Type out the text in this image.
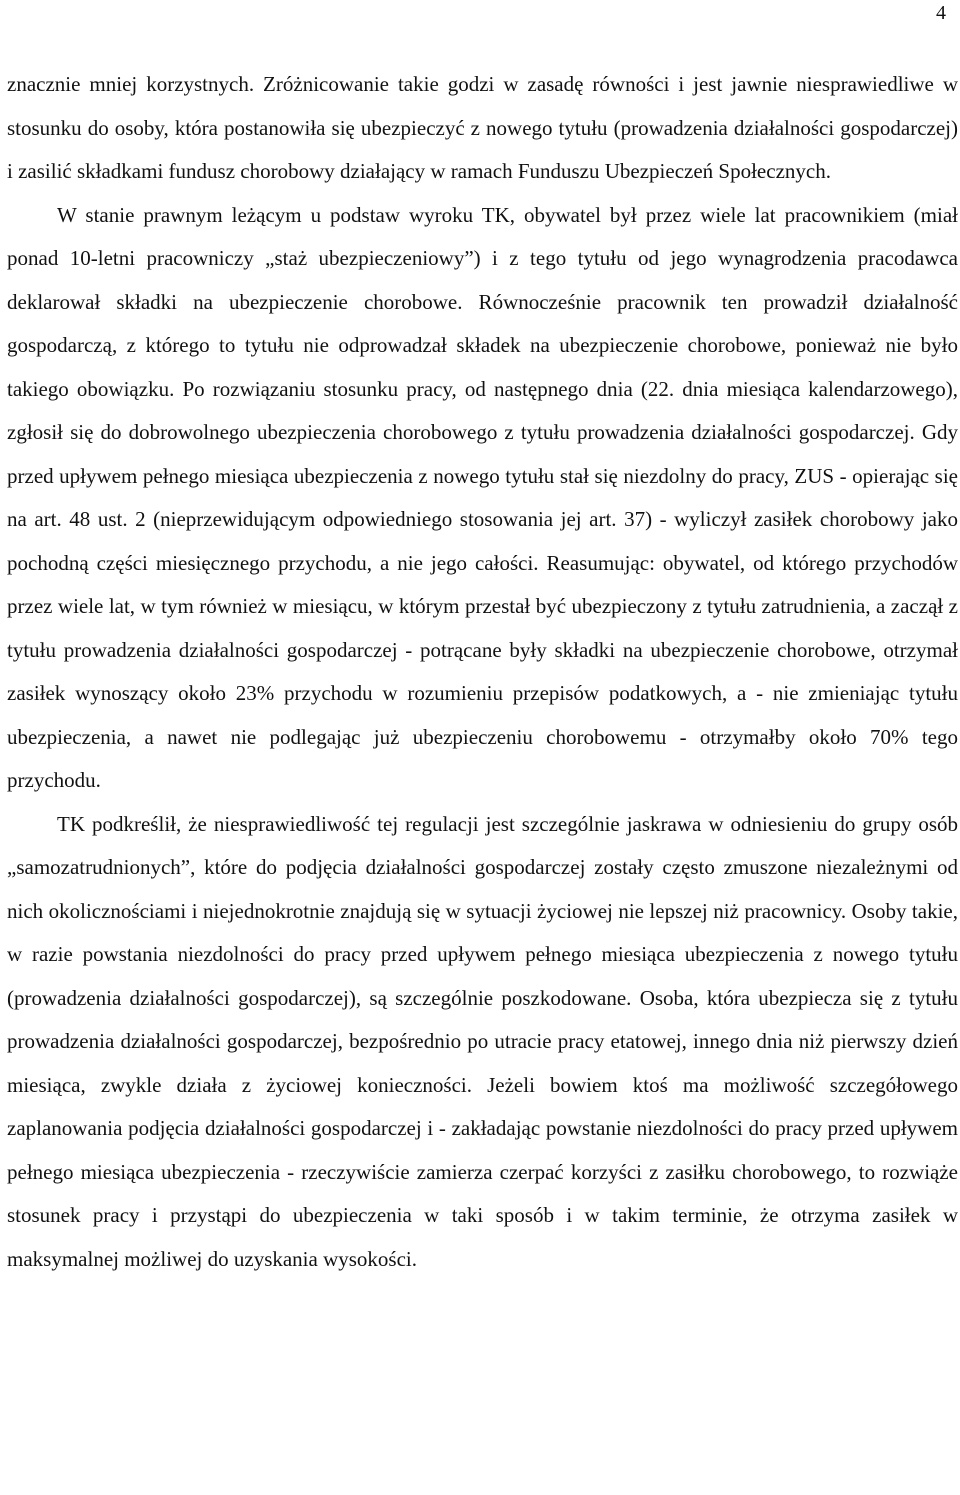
4

znacznie mniej korzystnych. Zróżnicowanie takie godzi w zasadę równości i jest jawnie niesprawiedliwe w stosunku do osoby, która postanowiła się ubezpieczyć z nowego tytułu (prowadzenia działalności gospodarczej) i zasilić składkami fundusz chorobowy działający w ramach Funduszu Ubezpieczeń Społecznych.

W stanie prawnym leżącym u podstaw wyroku TK, obywatel był przez wiele lat pracownikiem (miał ponad 10-letni pracowniczy „staż ubezpieczeniowy”) i z tego tytułu od jego wynagrodzenia pracodawca deklarował składki na ubezpieczenie chorobowe. Równocześnie pracownik ten prowadził działalność gospodarczą, z którego to tytułu nie odprowadzał składek na ubezpieczenie chorobowe, ponieważ nie było takiego obowiązku. Po rozwiązaniu stosunku pracy, od następnego dnia (22. dnia miesiąca kalendarzowego), zgłosił się do dobrowolnego ubezpieczenia chorobowego z tytułu prowadzenia działalności gospodarczej. Gdy przed upływem pełnego miesiąca ubezpieczenia z nowego tytułu stał się niezdolny do pracy, ZUS - opierając się na art. 48 ust. 2 (nieprzewidującym odpowiedniego stosowania jej art. 37) - wyliczył zasiłek chorobowy jako pochodną części miesięcznego przychodu, a nie jego całości. Reasumując: obywatel, od którego przychodów przez wiele lat, w tym również w miesiącu, w którym przestał być ubezpieczony z tytułu zatrudnienia, a zaczął z tytułu prowadzenia działalności gospodarczej - potrącane były składki na ubezpieczenie chorobowe, otrzymał zasiłek wynoszący około 23% przychodu w rozumieniu przepisów podatkowych, a - nie zmieniając tytułu ubezpieczenia, a nawet nie podlegając już ubezpieczeniu chorobowemu - otrzymałby około 70% tego przychodu.

TK podkreślił, że niesprawiedliwość tej regulacji jest szczególnie jaskrawa w odniesieniu do grupy osób „samozatrudnionych”, które do podjęcia działalności gospodarczej zostały często zmuszone niezależnymi od nich okolicznościami i niejednokrotnie znajdują się w sytuacji życiowej nie lepszej niż pracownicy. Osoby takie, w razie powstania niezdolności do pracy przed upływem pełnego miesiąca ubezpieczenia z nowego tytułu (prowadzenia działalności gospodarczej), są szczególnie poszkodowane. Osoba, która ubezpiecza się z tytułu prowadzenia działalności gospodarczej, bezpośrednio po utracie pracy etatowej, innego dnia niż pierwszy dzień miesiąca, zwykle działa z życiowej konieczności. Jeżeli bowiem ktoś ma możliwość szczegółowego zaplanowania podjęcia działalności gospodarczej i - zakładając powstanie niezdolności do pracy przed upływem pełnego miesiąca ubezpieczenia - rzeczywiście zamierza czerpać korzyści z zasiłku chorobowego, to rozwiąże stosunek pracy i przystąpi do ubezpieczenia w taki sposób i w takim terminie, że otrzyma zasiłek w maksymalnej możliwej do uzyskania wysokości.
